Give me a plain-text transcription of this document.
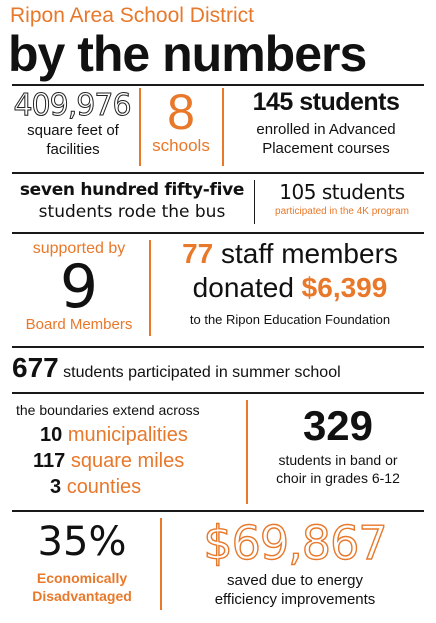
Ripon Area School District
by the numbers
409,976
square feet of
facilities
8
schools
145 students
enrolled in Advanced
Placement courses
seven hundred fifty-five
students rode the bus
105 students
participated in the 4K program
supported by
9
Board Members
77 staff members
donated $6,399
to the Ripon Education Foundation
677 students participated in summer school
the boundaries extend across
10 municipalities
117 square miles
3 counties
329
students in band or
choir in grades 6-12
35%
Economically
Disadvantaged
$69,867
saved due to energy
efficiency improvements
